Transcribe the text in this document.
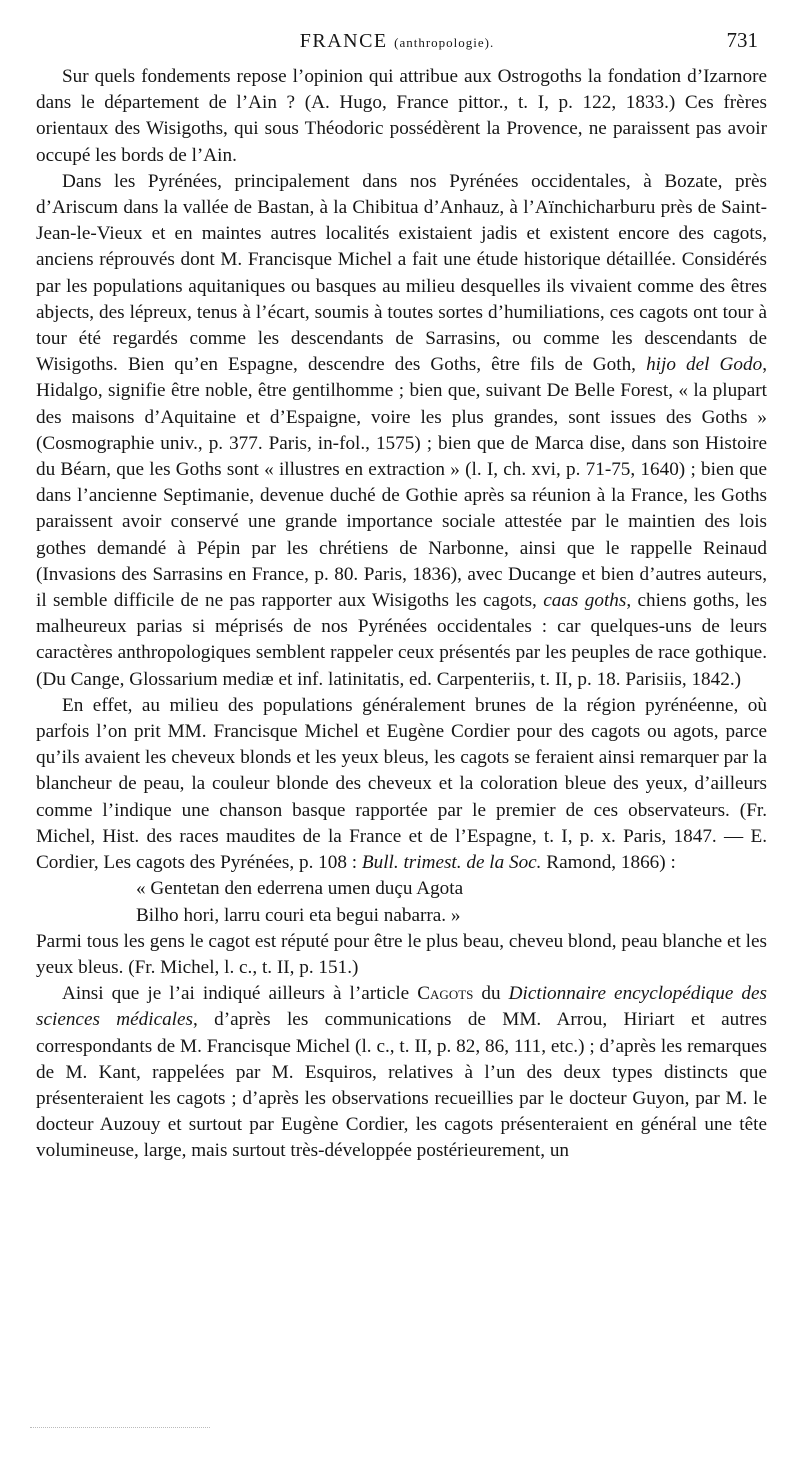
FRANCE (anthropologie).	731

Sur quels fondements repose l’opinion qui attribue aux Ostrogoths la fondation d’Izarnore dans le département de l’Ain ? (A. Hugo, France pittor., t. I, p. 122, 1833.) Ces frères orientaux des Wisigoths, qui sous Théodoric possédèrent la Provence, ne paraissent pas avoir occupé les bords de l’Ain.

Dans les Pyrénées, principalement dans nos Pyrénées occidentales, à Bozate, près d’Ariscum dans la vallée de Bastan, à la Chibitua d’Anhauz, à l’Aïnchicharburu près de Saint-Jean-le-Vieux et en maintes autres localités existaient jadis et existent encore des cagots, anciens réprouvés dont M. Francisque Michel a fait une étude historique détaillée. Considérés par les populations aquitaniques ou basques au milieu desquelles ils vivaient comme des êtres abjects, des lépreux, tenus à l’écart, soumis à toutes sortes d’humiliations, ces cagots ont tour à tour été regardés comme les descendants de Sarrasins, ou comme les descendants de Wisigoths. Bien qu’en Espagne, descendre des Goths, être fils de Goth, hijo del Godo, Hidalgo, signifie être noble, être gentilhomme ; bien que, suivant De Belle Forest, « la plupart des maisons d’Aquitaine et d’Espaigne, voire les plus grandes, sont issues des Goths » (Cosmographie univ., p. 377. Paris, in-fol., 1575) ; bien que de Marca dise, dans son Histoire du Béarn, que les Goths sont « illustres en extraction » (l. I, ch. xvi, p. 71-75, 1640) ; bien que dans l’ancienne Septimanie, devenue duché de Gothie après sa réunion à la France, les Goths paraissent avoir conservé une grande importance sociale attestée par le maintien des lois gothes demandé à Pépin par les chrétiens de Narbonne, ainsi que le rappelle Reinaud (Invasions des Sarrasins en France, p. 80. Paris, 1836), avec Ducange et bien d’autres auteurs, il semble difficile de ne pas rapporter aux Wisigoths les cagots, caas goths, chiens goths, les malheureux parias si méprisés de nos Pyrénées occidentales : car quelques-uns de leurs caractères anthropologiques semblent rappeler ceux présentés par les peuples de race gothique. (Du Cange, Glossarium mediæ et inf. latinitatis, ed. Carpenteriis, t. II, p. 18. Parisiis, 1842.)

En effet, au milieu des populations généralement brunes de la région pyrénéenne, où parfois l’on prit MM. Francisque Michel et Eugène Cordier pour des cagots ou agots, parce qu’ils avaient les cheveux blonds et les yeux bleus, les cagots se feraient ainsi remarquer par la blancheur de peau, la couleur blonde des cheveux et la coloration bleue des yeux, d’ailleurs comme l’indique une chanson basque rapportée par le premier de ces observateurs. (Fr. Michel, Hist. des races maudites de la France et de l’Espagne, t. I, p. x. Paris, 1847. — E. Cordier, Les cagots des Pyrénées, p. 108 : Bull. trimest. de la Soc. Ramond, 1866) :

« Gentetan den ederrena umen duçu Agota
Bilho hori, larru couri eta begui nabarra. »

Parmi tous les gens le cagot est réputé pour être le plus beau, cheveu blond, peau blanche et les yeux bleus. (Fr. Michel, l. c., t. II, p. 151.)

Ainsi que je l’ai indiqué ailleurs à l’article Cagots du Dictionnaire encyclopédique des sciences médicales, d’après les communications de MM. Arrou, Hiriart et autres correspondants de M. Francisque Michel (l. c., t. II, p. 82, 86, 111, etc.) ; d’après les remarques de M. Kant, rappelées par M. Esquiros, relatives à l’un des deux types distincts que présenteraient les cagots ; d’après les observations recueillies par le docteur Guyon, par M. le docteur Auzouy et surtout par Eugène Cordier, les cagots présenteraient en général une tête volumineuse, large, mais surtout très-développée postérieurement, un
